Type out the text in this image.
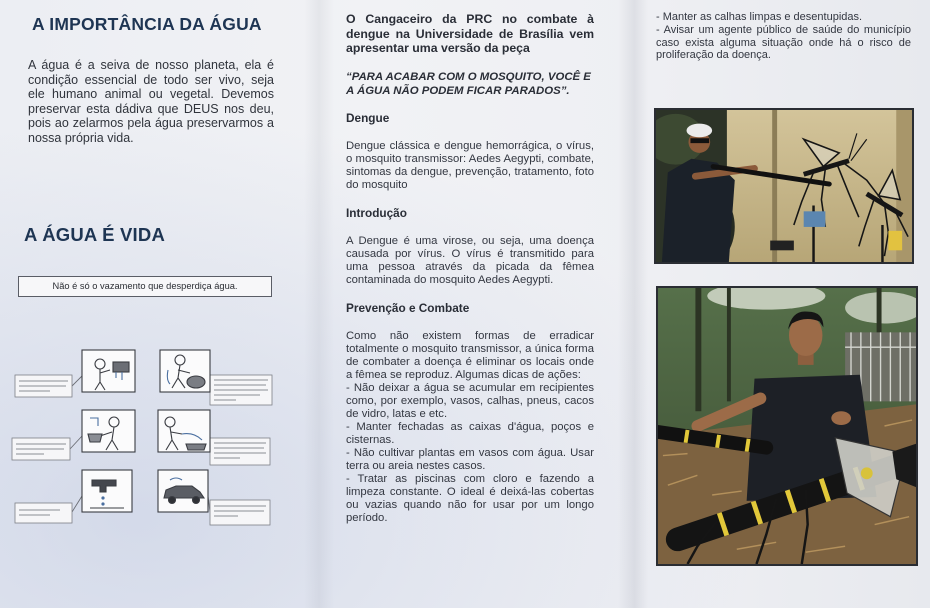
A IMPORTÂNCIA DA ÁGUA

A água é a seiva de nosso planeta, ela é condição essencial de todo ser vivo, seja ele humano animal ou vegetal. Devemos preservar esta dádiva que DEUS nos deu, pois ao zelarmos pela água preservarmos a nossa própria vida.

A ÁGUA É VIDA
Não é só o vazamento que desperdiça água.

O Cangaceiro da PRC no combate à dengue na Universidade de Brasília vem apresentar uma versão da peça

“PARA ACABAR COM O MOSQUITO, VOCÊ E A ÁGUA NÃO PODEM FICAR PARADOS”.

Dengue

Dengue clássica e dengue hemorrágica, o vírus, o mosquito transmissor: Aedes Aegypti, combate, sintomas da dengue, prevenção, tratamento, foto do mosquito

Introdução

A Dengue é uma virose, ou seja, uma doença causada por vírus. O vírus é transmitido para uma pessoa através da picada da fêmea contaminada do mosquito Aedes Aegypti.

Prevenção e Combate

Como não existem formas de erradicar totalmente o mosquito transmissor, a única forma de combater a doença é eliminar os locais onde a fêmea se reproduz. Algumas dicas de ações:

- Não deixar a água se acumular em recipientes como, por exemplo, vasos, calhas, pneus, cacos de vidro, latas e etc.

- Manter fechadas as caixas d'água, poços e cisternas.

- Não cultivar plantas em vasos com água. Usar terra ou areia nestes casos.

- Tratar as piscinas com cloro e fazendo a limpeza constante. O ideal é deixá-las cobertas ou vazias quando não for usar por um longo período.

- Manter as calhas limpas e desentupidas.

- Avisar um agente público de saúde do município caso exista alguma situação onde há o risco de proliferação da doença.
